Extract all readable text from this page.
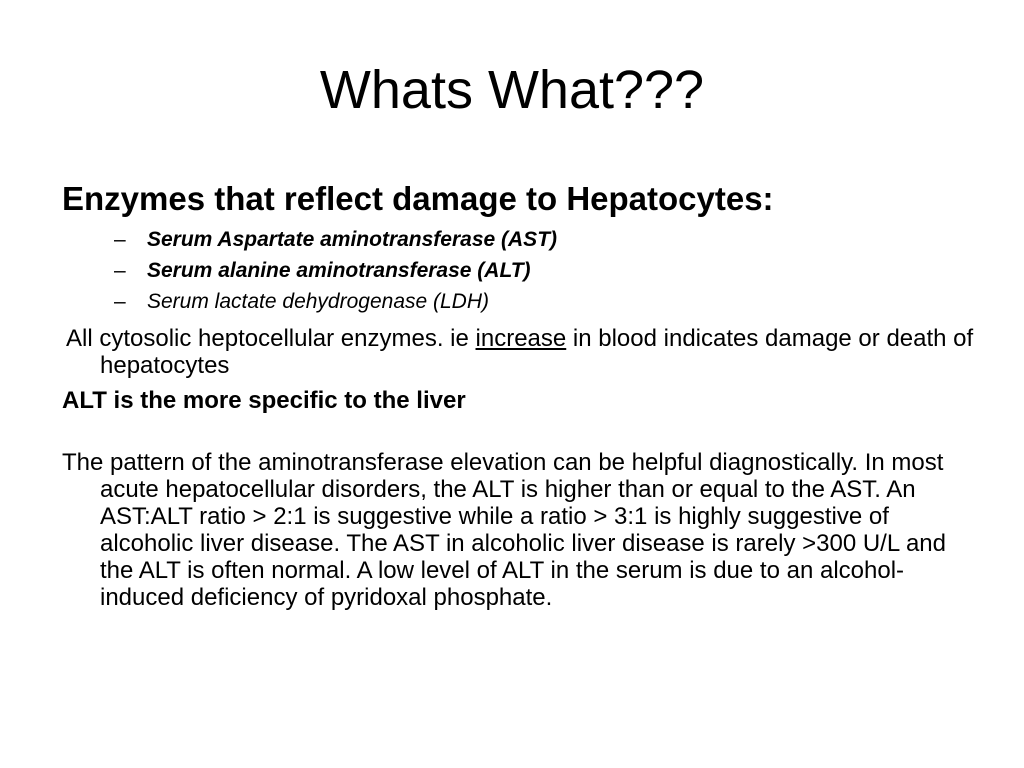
Whats What???

Enzymes that reflect damage to Hepatocytes:

– Serum Aspartate aminotransferase (AST)
– Serum alanine aminotransferase (ALT)
– Serum lactate dehydrogenase (LDH)

All cytosolic heptocellular enzymes. ie increase in blood indicates damage or death of hepatocytes

ALT is the more specific to the liver

The pattern of the aminotransferase elevation can be helpful diagnostically. In most acute hepatocellular disorders, the ALT is higher than or equal to the AST. An AST:ALT ratio > 2:1 is suggestive while a ratio > 3:1 is highly suggestive of alcoholic liver disease. The AST in alcoholic liver disease is rarely >300 U/L and the ALT is often normal. A low level of ALT in the serum is due to an alcohol-induced deficiency of pyridoxal phosphate.
